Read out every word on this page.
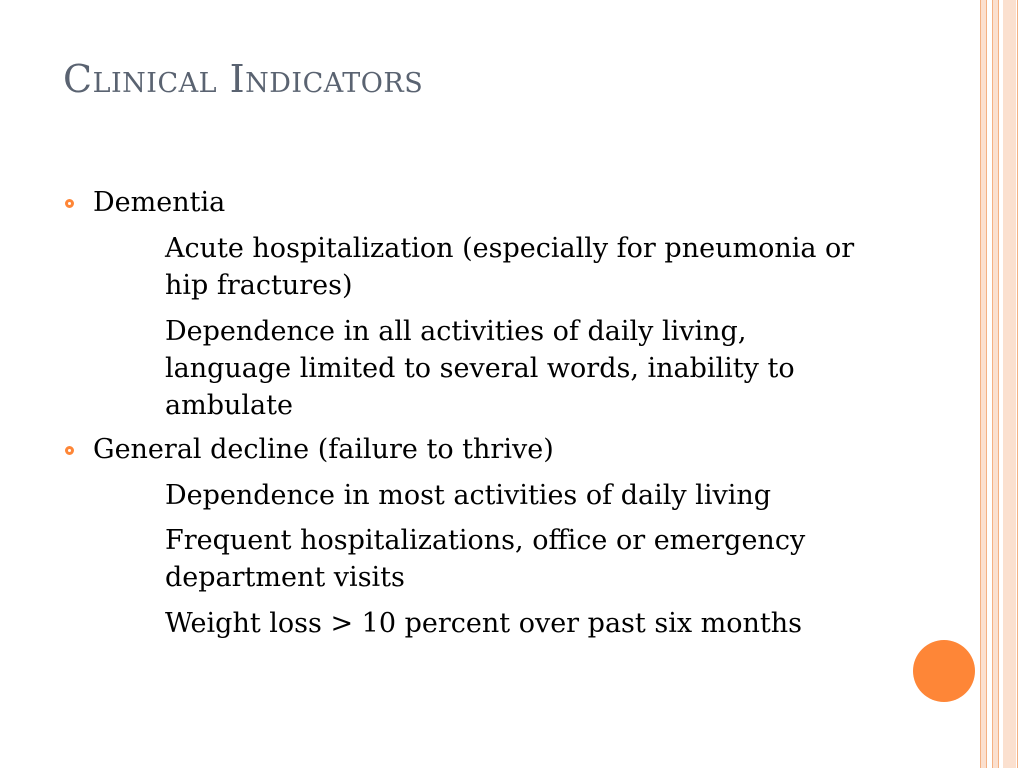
Clinical Indicators
Dementia
Acute hospitalization (especially for pneumonia or hip fractures)
Dependence in all activities of daily living, language limited to several words, inability to ambulate
General decline (failure to thrive)
Dependence in most activities of daily living
Frequent hospitalizations, office or emergency department visits
Weight loss > 10 percent over past six months
